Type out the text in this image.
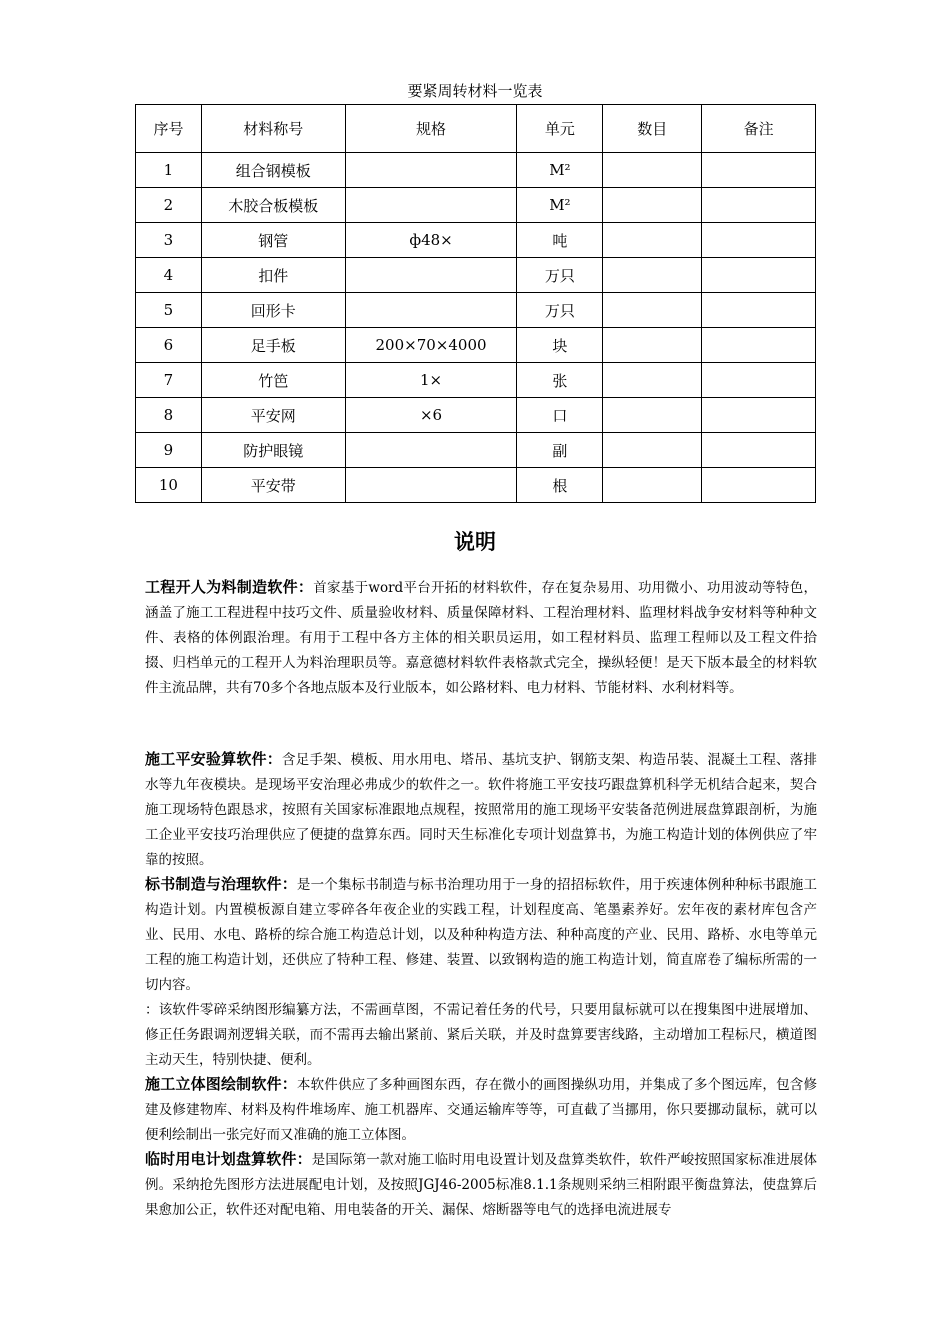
要紧周转材料一览表
序号	材料称号	规格	单元	数目	备注
1	组合钢模板		M²		
2	木胶合板模板		M²		
3	钢管	ф48×	吨		
4	扣件		万只		
5	回形卡		万只		
6	足手板	200×70×4000	块		
7	竹笆	1×	张		
8	平安网	×6	口		
9	防护眼镜		副		
10	平安带		根		
说明
工程开人为料制造软件：首家基于word平台开拓的材料软件，存在复杂易用、功用微小、功用波动等特色，涵盖了施工工程进程中技巧文件、质量验收材料、质量保障材料、工程治理材料、监理材料战争安材料等种种文件、表格的体例跟治理。有用于工程中各方主体的相关职员运用，如工程材料员、监理工程师以及工程文件拾掇、归档单元的工程开人为料治理职员等。嘉意德材料软件表格款式完全，操纵轻便！是天下版本最全的材料软件主流品牌，共有70多个各地点版本及行业版本，如公路材料、电力材料、节能材料、水利材料等。
施工平安验算软件：含足手架、模板、用水用电、塔吊、基坑支护、钢筋支架、构造吊装、混凝土工程、落排水等九年夜模块。是现场平安治理必弗成少的软件之一。软件将施工平安技巧跟盘算机科学无机结合起来，契合施工现场特色跟恳求，按照有关国家标准跟地点规程，按照常用的施工现场平安装备范例进展盘算跟剖析，为施工企业平安技巧治理供应了便捷的盘算东西。同时天生标准化专项计划盘算书，为施工构造计划的体例供应了牢靠的按照。
标书制造与治理软件：是一个集标书制造与标书治理功用于一身的招招标软件，用于疾速体例种种标书跟施工构造计划。内置模板源自建立零碎各年夜企业的实践工程，计划程度高、笔墨素养好。宏年夜的素材库包含产业、民用、水电、路桥的综合施工构造总计划，以及种种构造方法、种种高度的产业、民用、路桥、水电等单元工程的施工构造计划，还供应了特种工程、修建、装置、以致钢构造的施工构造计划，简直席卷了编标所需的一切内容。
：该软件零碎采纳图形编纂方法，不需画草图，不需记着任务的代号，只要用鼠标就可以在搜集图中进展增加、修正任务跟调剂逻辑关联，而不需再去输出紧前、紧后关联，并及时盘算要害线路，主动增加工程标尺，横道图主动天生，特别快捷、便利。
施工立体图绘制软件：本软件供应了多种画图东西，存在微小的画图操纵功用，并集成了多个图远库，包含修建及修建物库、材料及构件堆场库、施工机器库、交通运输库等等，可直截了当挪用，你只要挪动鼠标，就可以便利绘制出一张完好而又准确的施工立体图。
临时用电计划盘算软件：是国际第一款对施工临时用电设置计划及盘算类软件，软件严峻按照国家标准进展体例。采纳抢先图形方法进展配电计划，及按照JGJ46-2005标准8.1.1条规则采纳三相附跟平衡盘算法，使盘算后果愈加公正，软件还对配电箱、用电装备的开关、漏保、熔断器等电气的选择电流进展专
